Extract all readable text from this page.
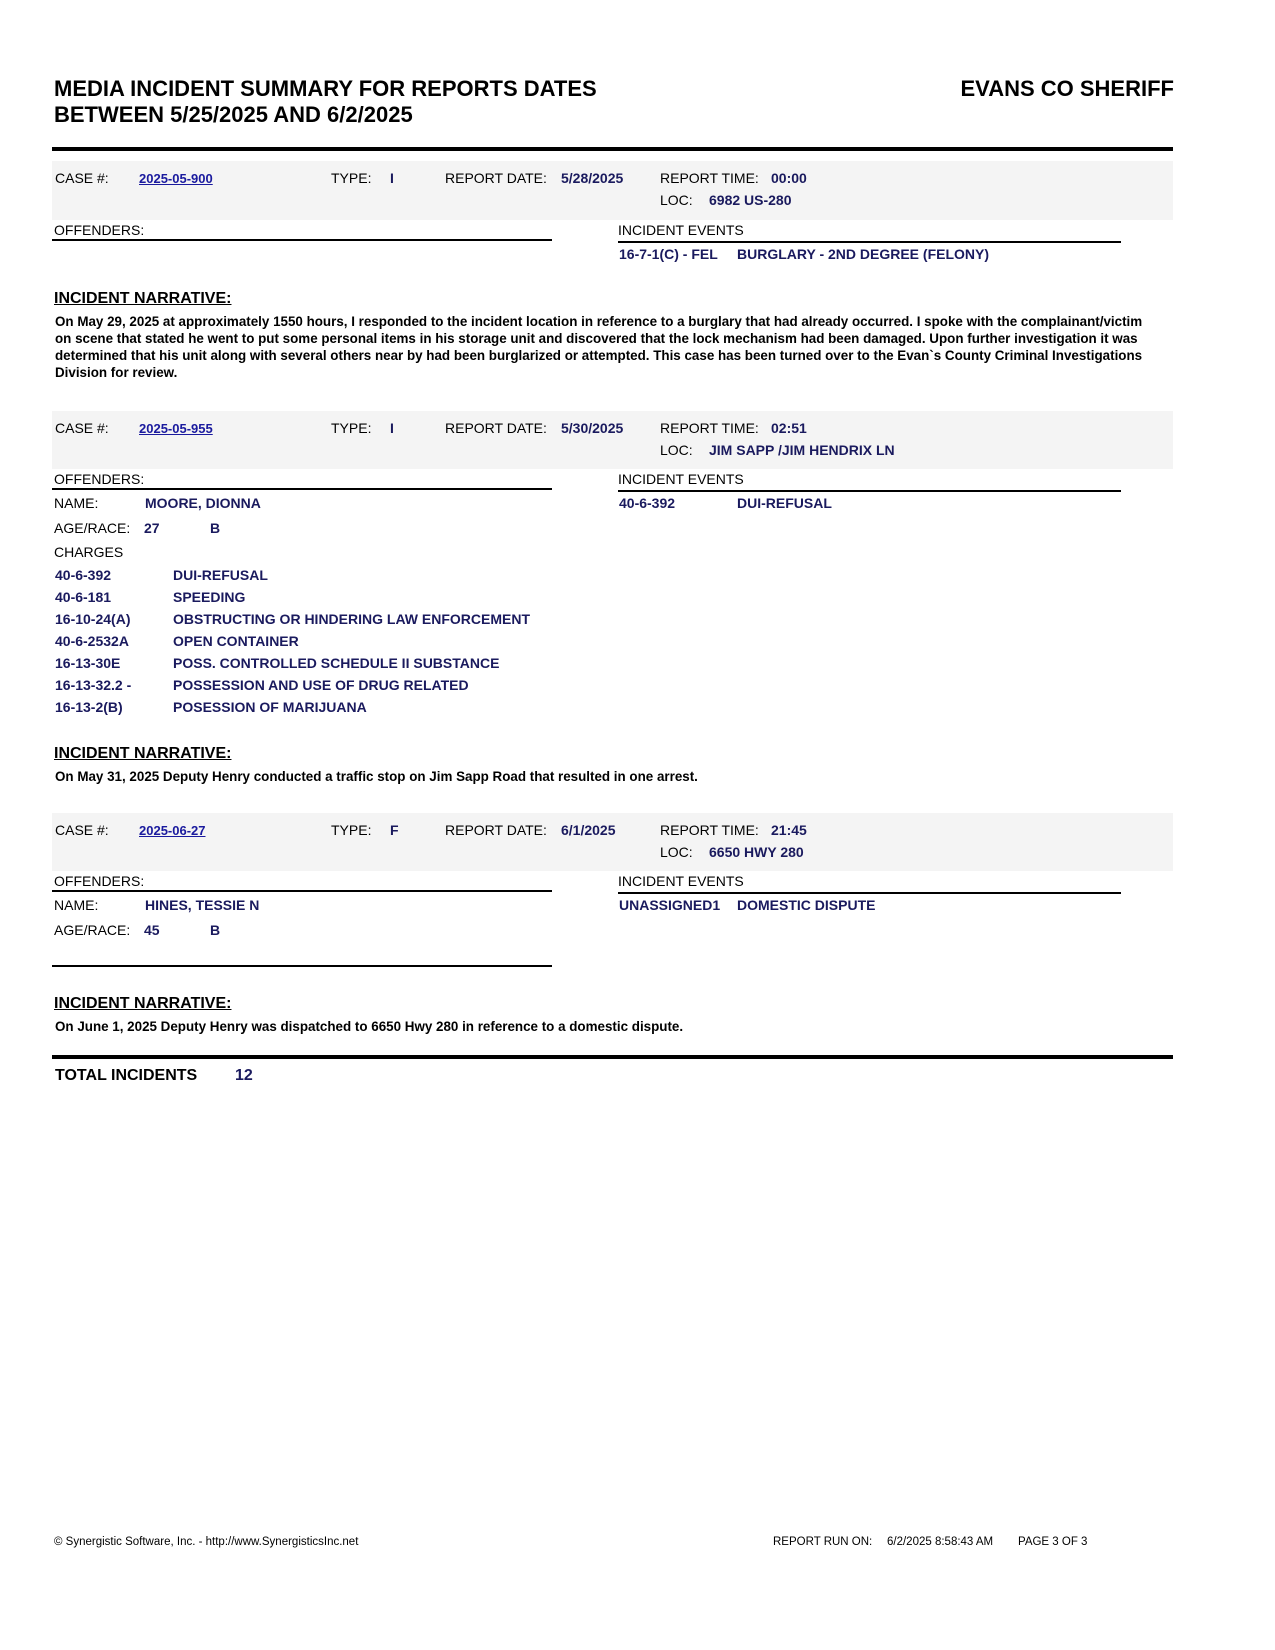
MEDIA INCIDENT SUMMARY FOR REPORTS DATES
BETWEEN 5/25/2025 AND 6/2/2025
EVANS CO SHERIFF
CASE #: 2025-05-900	TYPE: I	REPORT DATE: 5/28/2025	REPORT TIME: 00:00
LOC: 6982 US-280
OFFENDERS:	INCIDENT EVENTS
16-7-1(C) - FEL BURGLARY - 2ND DEGREE (FELONY)
INCIDENT NARRATIVE:
On May 29, 2025 at approximately 1550 hours, I responded to the incident location in reference to a burglary that had already occurred. I spoke with the complainant/victim on scene that stated he went to put some personal items in his storage unit and discovered that the lock mechanism had been damaged. Upon further investigation it was determined that his unit along with several others near by had been burglarized or attempted. This case has been turned over to the Evan`s County Criminal Investigations Division for review.
CASE #: 2025-05-955	TYPE: I	REPORT DATE: 5/30/2025	REPORT TIME: 02:51
LOC: JIM SAPP /JIM HENDRIX LN
OFFENDERS:	INCIDENT EVENTS
40-6-392	DUI-REFUSAL
NAME:	MOORE, DIONNA
AGE/RACE: 27	B
CHARGES
40-6-392	DUI-REFUSAL
40-6-181	SPEEDING
16-10-24(A)	OBSTRUCTING OR HINDERING LAW ENFORCEMENT
40-6-2532A	OPEN CONTAINER
16-13-30E	POSS. CONTROLLED SCHEDULE II SUBSTANCE
16-13-32.2 -	POSSESSION AND USE OF DRUG RELATED
16-13-2(B)	POSESSION OF MARIJUANA
INCIDENT NARRATIVE:
On May 31, 2025 Deputy Henry conducted a traffic stop on Jim Sapp Road that resulted in one arrest.
CASE #: 2025-06-27	TYPE: F	REPORT DATE: 6/1/2025	REPORT TIME: 21:45
LOC: 6650 HWY 280
OFFENDERS:	INCIDENT EVENTS
UNASSIGNED1 DOMESTIC DISPUTE
NAME:	HINES, TESSIE N
AGE/RACE: 45	B
INCIDENT NARRATIVE:
On June 1, 2025 Deputy Henry was dispatched to 6650 Hwy 280 in reference to a domestic dispute.
TOTAL INCIDENTS 12
© Synergistic Software, Inc. - http://www.SynergisticsInc.net	REPORT RUN ON: 6/2/2025 8:58:43 AM PAGE 3 OF 3
